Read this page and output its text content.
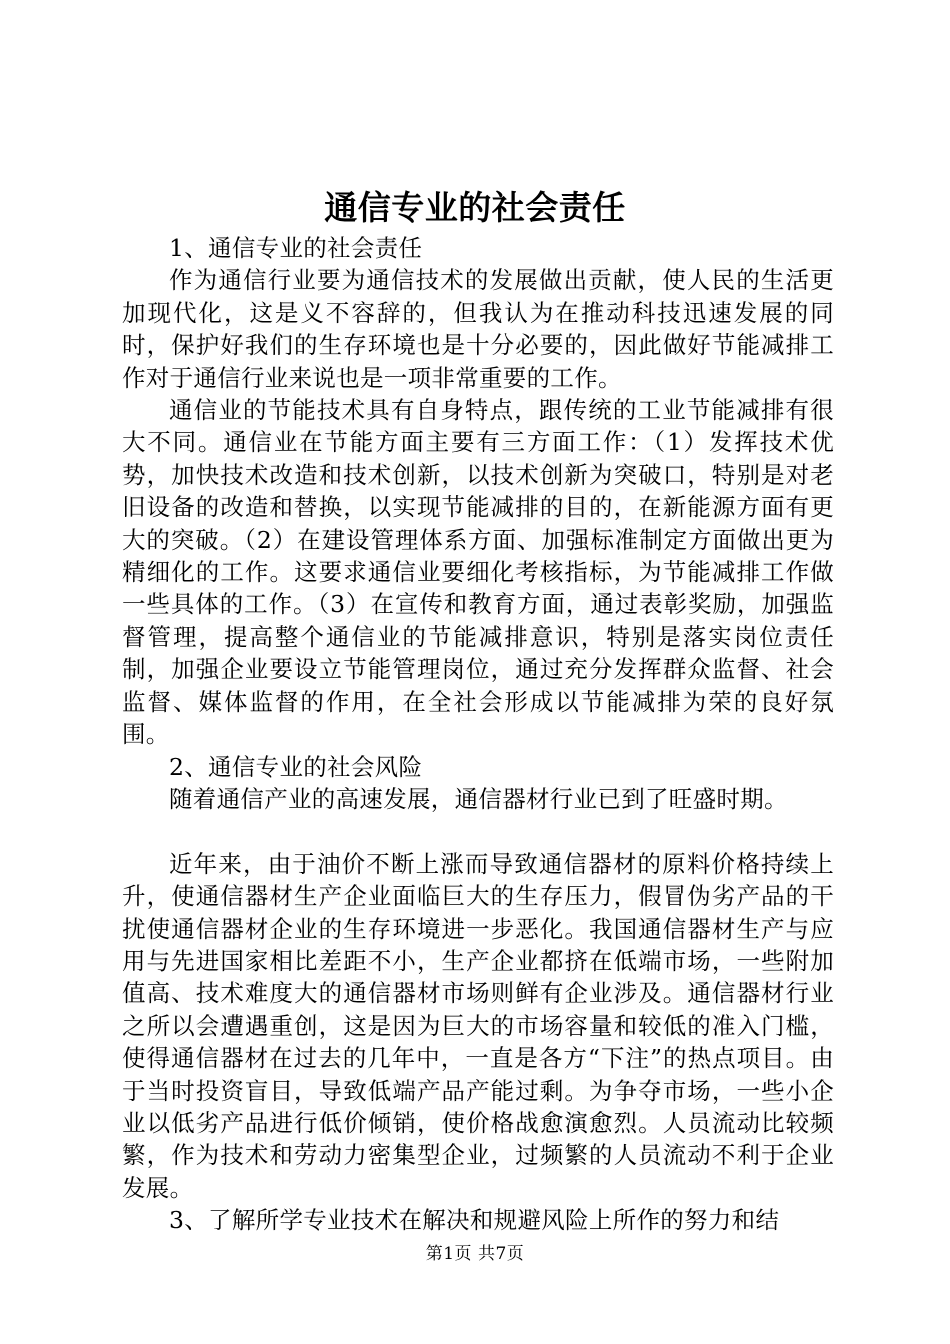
通信专业的社会责任

1、通信专业的社会责任

作为通信行业要为通信技术的发展做出贡献，使人民的生活更加现代化，这是义不容辞的，但我认为在推动科技迅速发展的同时，保护好我们的生存环境也是十分必要的，因此做好节能减排工作对于通信行业来说也是一项非常重要的工作。

通信业的节能技术具有自身特点，跟传统的工业节能减排有很大不同。通信业在节能方面主要有三方面工作：（1）发挥技术优势，加快技术改造和技术创新，以技术创新为突破口，特别是对老旧设备的改造和替换，以实现节能减排的目的，在新能源方面有更大的突破。（2）在建设管理体系方面、加强标准制定方面做出更为精细化的工作。这要求通信业要细化考核指标，为节能减排工作做一些具体的工作。（3）在宣传和教育方面，通过表彰奖励，加强监督管理，提高整个通信业的节能减排意识，特别是落实岗位责任制，加强企业要设立节能管理岗位，通过充分发挥群众监督、社会监督、媒体监督的作用，在全社会形成以节能减排为荣的良好氛围。

2、通信专业的社会风险

随着通信产业的高速发展，通信器材行业已到了旺盛时期。

近年来，由于油价不断上涨而导致通信器材的原料价格持续上升，使通信器材生产企业面临巨大的生存压力，假冒伪劣产品的干扰使通信器材企业的生存环境进一步恶化。我国通信器材生产与应用与先进国家相比差距不小，生产企业都挤在低端市场，一些附加值高、技术难度大的通信器材市场则鲜有企业涉及。通信器材行业之所以会遭遇重创，这是因为巨大的市场容量和较低的准入门槛，使得通信器材在过去的几年中，一直是各方“下注”的热点项目。由于当时投资盲目，导致低端产品产能过剩。为争夺市场，一些小企业以低劣产品进行低价倾销，使价格战愈演愈烈。人员流动比较频繁，作为技术和劳动力密集型企业，过频繁的人员流动不利于企业发展。

3、了解所学专业技术在解决和规避风险上所作的努力和结

第1页 共7页
